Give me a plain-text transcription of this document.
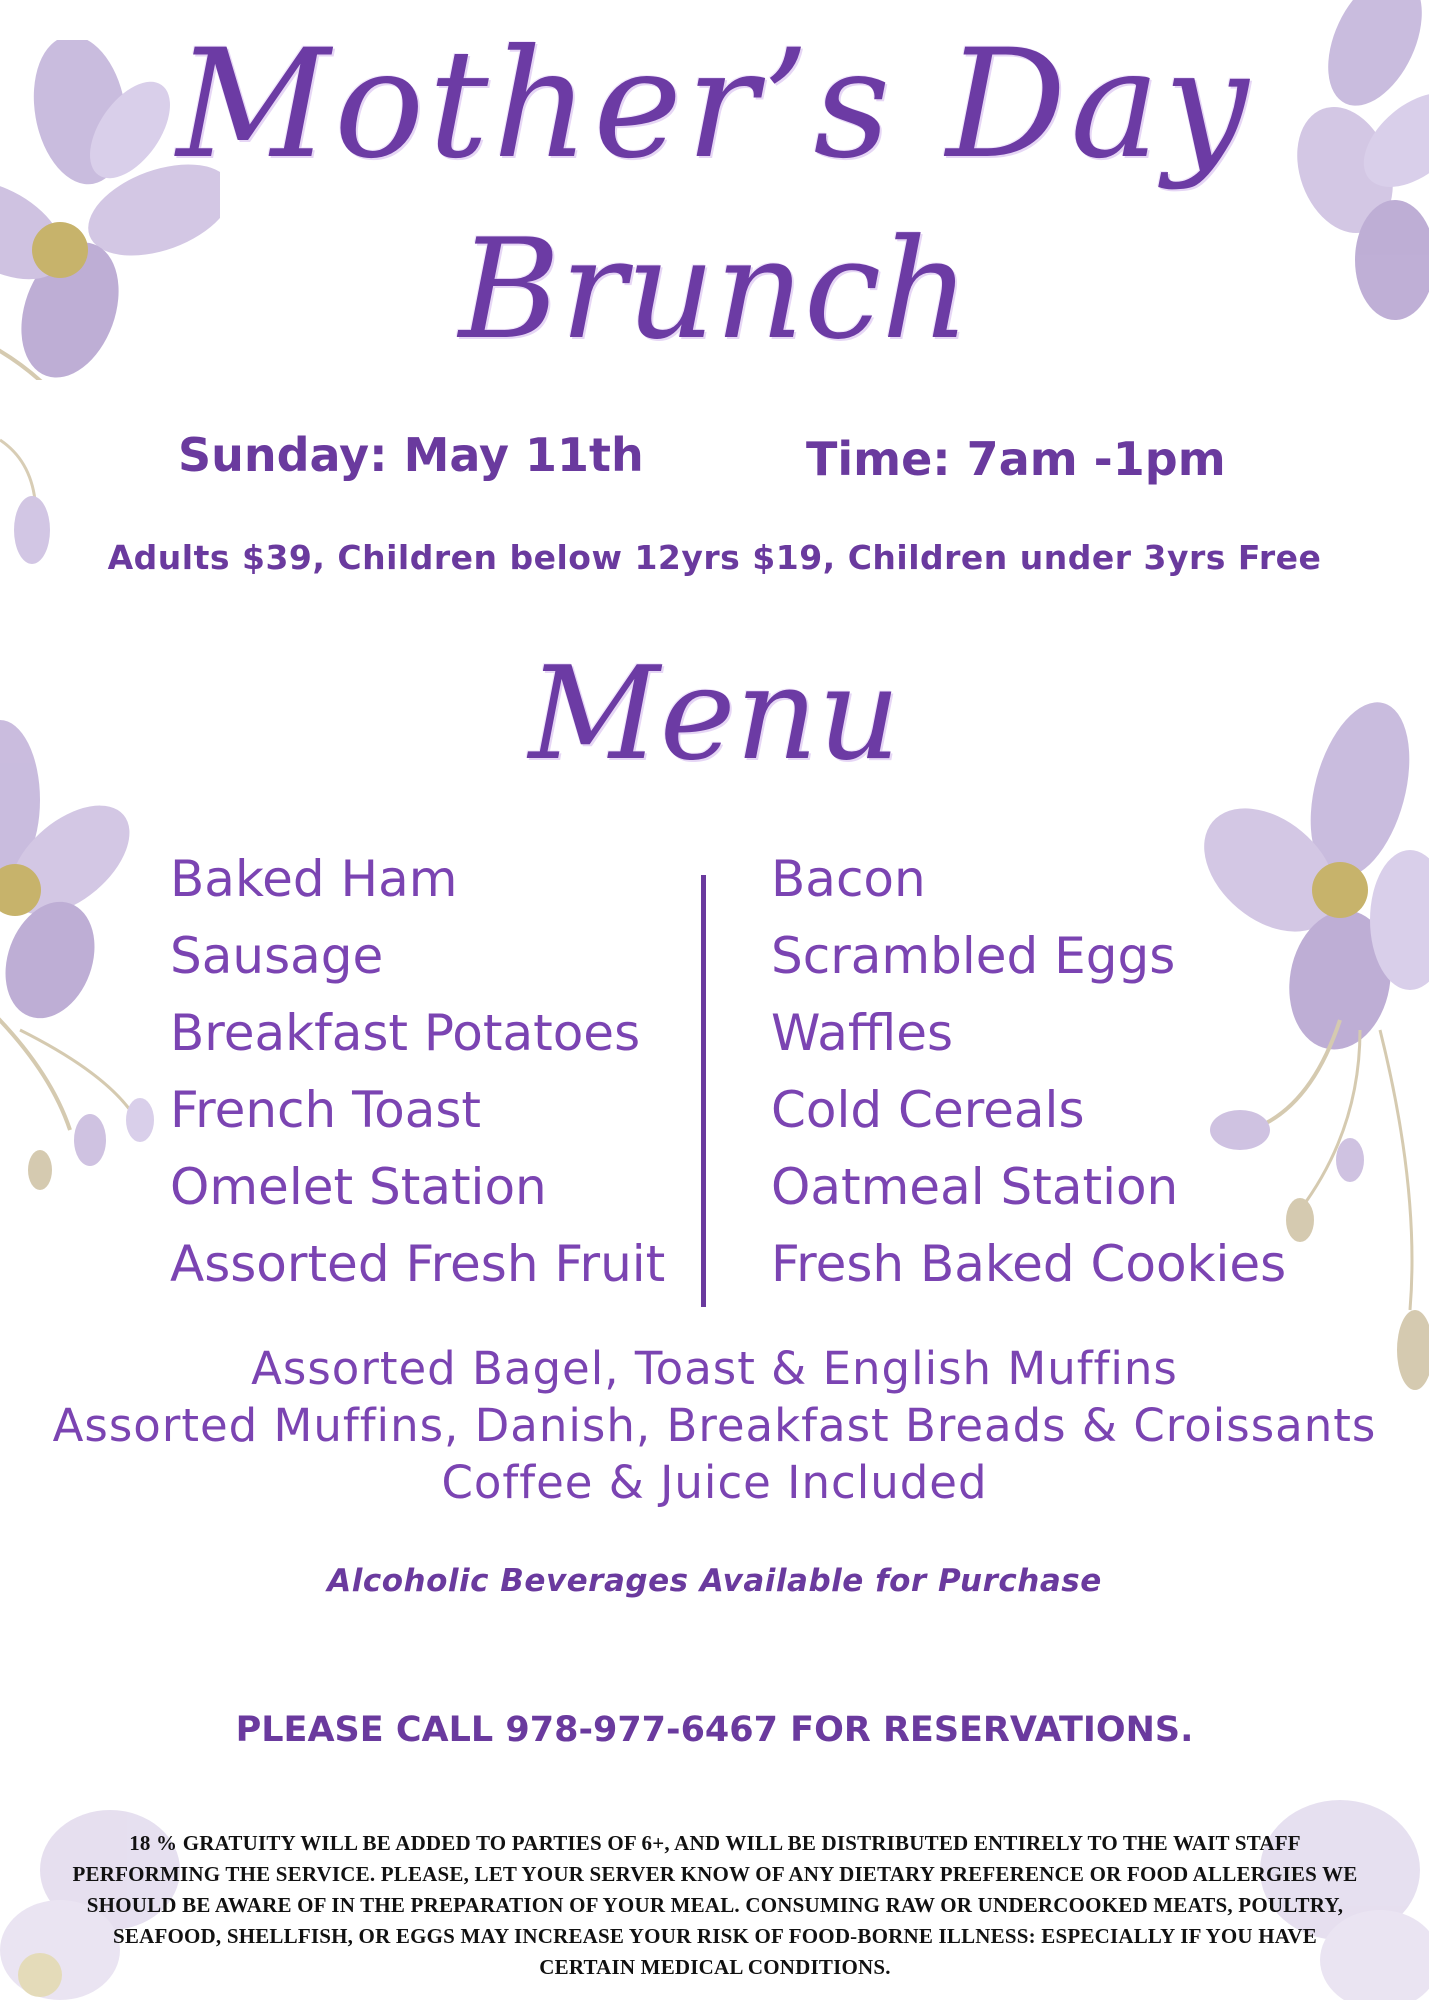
Mother’s Day
Brunch

Sunday: May 11th	Time: 7am -1pm

Adults $39, Children below 12yrs $19, Children under 3yrs Free

Menu
Baked Ham
Sausage
Breakfast Potatoes
French Toast
Omelet Station
Assorted Fresh Fruit
Bacon
Scrambled Eggs
Waffles
Cold Cereals
Oatmeal Station
Fresh Baked Cookies
Assorted Bagel, Toast & English Muffins
Assorted Muffins, Danish, Breakfast Breads & Croissants
Coffee & Juice Included
Alcoholic Beverages Available for Purchase
PLEASE CALL 978-977-6467 FOR RESERVATIONS.
18 % GRATUITY WILL BE ADDED TO PARTIES OF 6+, AND WILL BE DISTRIBUTED ENTIRELY TO THE WAIT STAFF PERFORMING THE SERVICE. PLEASE, LET YOUR SERVER KNOW OF ANY DIETARY PREFERENCE OR FOOD ALLERGIES WE SHOULD BE AWARE OF IN THE PREPARATION OF YOUR MEAL. CONSUMING RAW OR UNDERCOOKED MEATS, POULTRY, SEAFOOD, SHELLFISH, OR EGGS MAY INCREASE YOUR RISK OF FOOD-BORNE ILLNESS: ESPECIALLY IF YOU HAVE CERTAIN MEDICAL CONDITIONS.
